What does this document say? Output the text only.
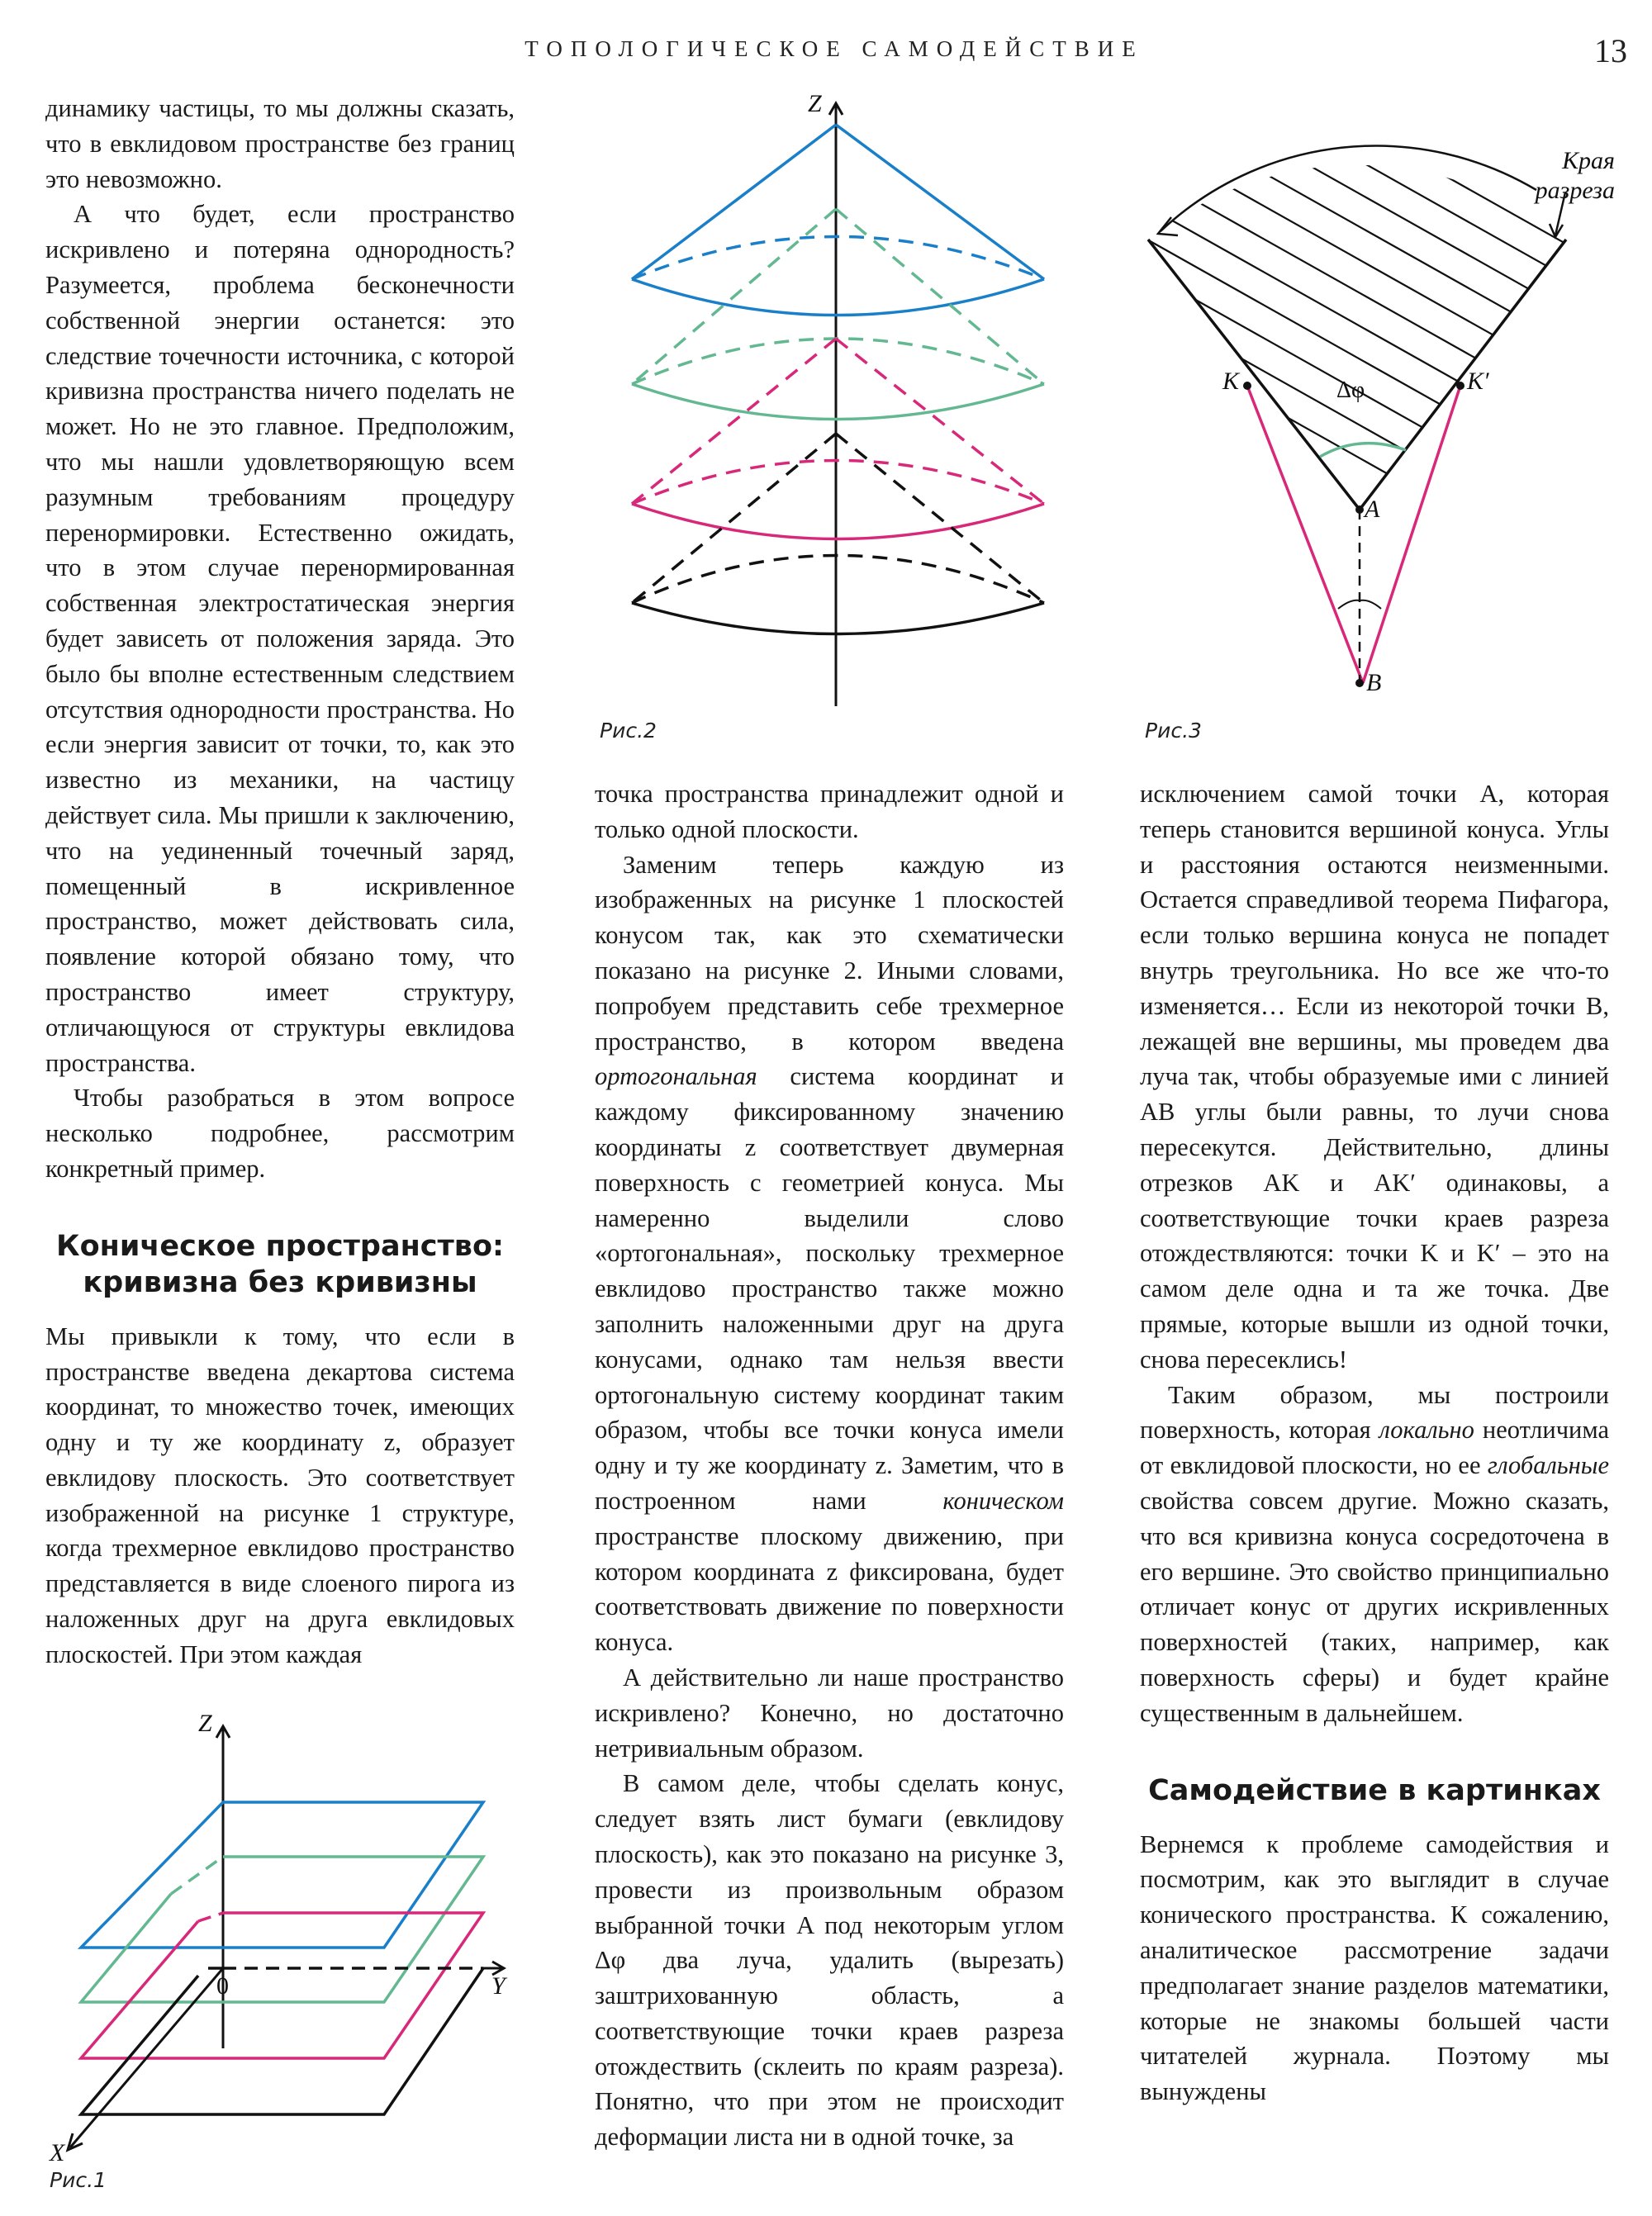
ТОПОЛОГИЧЕСКОЕ САМОДЕЙСТВИЕ	13

динамику частицы, то мы должны сказать, что в евклидовом пространстве без границ это невозможно.

А что будет, если пространство искривлено и потеряна однородность? Разумеется, проблема бесконечности собственной энергии останется: это следствие точечности источника, с которой кривизна пространства ничего поделать не может. Но не это главное. Предположим, что мы нашли удовлетворяющую всем разумным требованиям процедуру перенормировки. Естественно ожидать, что в этом случае перенормированная собственная электростатическая энергия будет зависеть от положения заряда. Это было бы вполне естественным следствием отсутствия однородности пространства. Но если энергия зависит от точки, то, как это известно из механики, на частицу действует сила. Мы пришли к заключению, что на уединенный точечный заряд, помещенный в искривленное пространство, может действовать сила, появление которой обязано тому, что пространство имеет структуру, отличающуюся от структуры евклидова пространства.

Чтобы разобраться в этом вопросе несколько подробнее, рассмотрим конкретный пример.

Коническое пространство: кривизна без кривизны

Мы привыкли к тому, что если в пространстве введена декартова система координат, то множество точек, имеющих одну и ту же координату z, образует евклидову плоскость. Это соответствует изображенной на рисунке 1 структуре, когда трехмерное евклидово пространство представляется в виде слоеного пирога из наложенных друг на друга евклидовых плоскостей. При этом каждая

точка пространства принадлежит одной и только одной плоскости.

Заменим теперь каждую из изображенных на рисунке 1 плоскостей конусом так, как это схематически показано на рисунке 2. Иными словами, попробуем представить себе трехмерное пространство, в котором введена ортогональная система координат и каждому фиксированному значению координаты z соответствует двумерная поверхность с геометрией конуса. Мы намеренно выделили слово «ортогональная», поскольку трехмерное евклидово пространство также можно заполнить наложенными друг на друга конусами, однако там нельзя ввести ортогональную систему координат таким образом, чтобы все точки конуса имели одну и ту же координату z. Заметим, что в построенном нами коническом пространстве плоскому движению, при котором координата z фиксирована, будет соответствовать движение по поверхности конуса.

А действительно ли наше пространство искривлено? Конечно, но достаточно нетривиальным образом.

В самом деле, чтобы сделать конус, следует взять лист бумаги (евклидову плоскость), как это показано на рисунке 3, провести из произвольным образом выбранной точки A под некоторым углом Δφ два луча, удалить (вырезать) заштрихованную область, а соответствующие точки краев разреза отождествить (склеить по краям разреза). Понятно, что при этом не происходит деформации листа ни в одной точке, за

исключением самой точки A, которая теперь становится вершиной конуса. Углы и расстояния остаются неизменными. Остается справедливой теорема Пифагора, если только вершина конуса не попадет внутрь треугольника. Но все же что-то изменяется… Если из некоторой точки B, лежащей вне вершины, мы проведем два луча так, чтобы образуемые ими с линией AB углы были равны, то лучи снова пересекутся. Действительно, длины отрезков AK и AK′ одинаковы, а соответствующие точки краев разреза отождествляются: точки K и K′ – это на самом деле одна и та же точка. Две прямые, которые вышли из одной точки, снова пересеклись!

Таким образом, мы построили поверхность, которая локально неотличима от евклидовой плоскости, но ее глобальные свойства совсем другие. Можно сказать, что вся кривизна конуса сосредоточена в его вершине. Это свойство принципиально отличает конус от других искривленных поверхностей (таких, например, как поверхность сферы) и будет крайне существенным в дальнейшем.

Самодействие в картинках

Вернемся к проблеме самодействия и посмотрим, как это выглядит в случае конического пространства. К сожалению, аналитическое рассмотрение задачи предполагает знание разделов математики, которые не знакомы большей части читателей журнала. Поэтому мы вынуждены

Z
Y
X
0
Рис.1
Z
Рис.2
Края
разреза
Δφ
K	K′
A
B
Рис.3
